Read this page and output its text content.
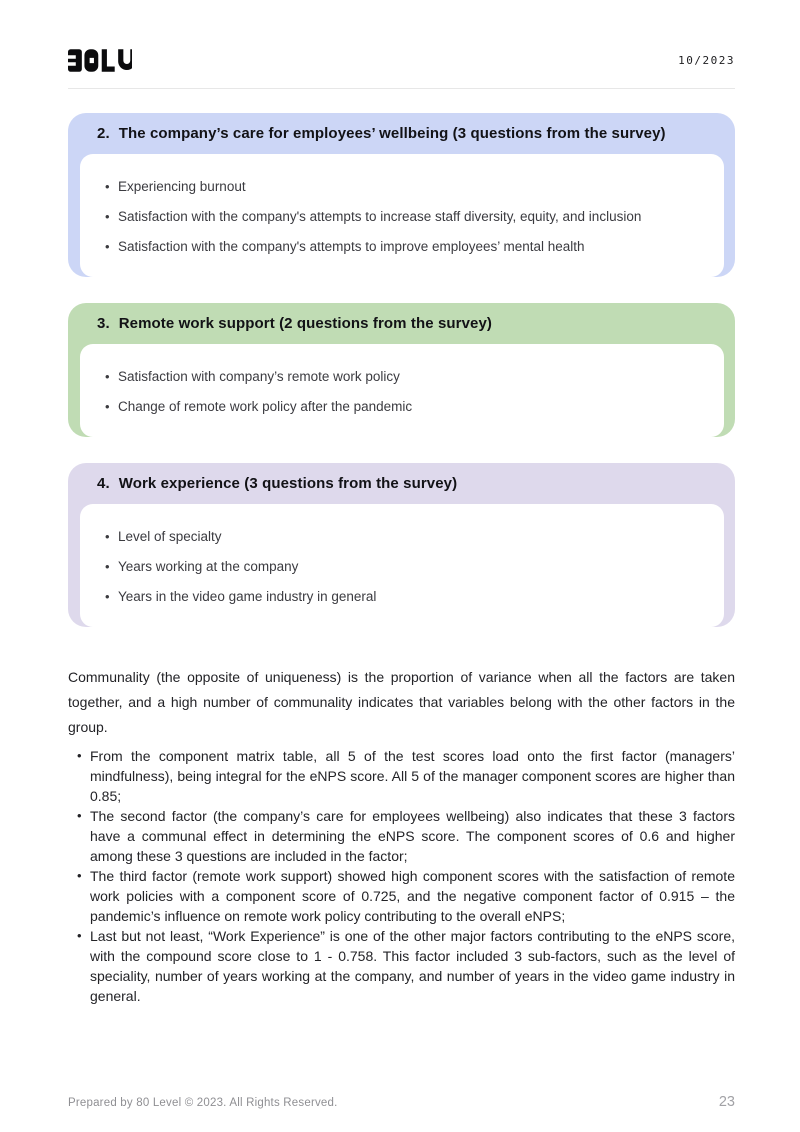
10/2023
2. The company’s care for employees’ wellbeing (3 questions from the survey)
• Experiencing burnout
• Satisfaction with the company's attempts to increase staff diversity, equity, and inclusion
• Satisfaction with the company's attempts to improve employees’ mental health
3. Remote work support (2 questions from the survey)
• Satisfaction with company’s remote work policy
• Change of remote work policy after the pandemic
4. Work experience (3 questions from the survey)
• Level of specialty
• Years working at the company
• Years in the video game industry in general

Communality (the opposite of uniqueness) is the proportion of variance when all the factors are taken together, and a high number of communality indicates that variables belong with the other factors in the group.

• From the component matrix table, all 5 of the test scores load onto the first factor (managers’ mindfulness), being integral for the eNPS score. All 5 of the manager component scores are higher than 0.85;
• The second factor (the company’s care for employees wellbeing) also indicates that these 3 factors have a communal effect in determining the eNPS score. The component scores of 0.6 and higher among these 3 questions are included in the factor;
• The third factor (remote work support) showed high component scores with the satisfaction of remote work policies with a component score of 0.725, and the negative component factor of 0.915 – the pandemic’s influence on remote work policy contributing to the overall eNPS;
• Last but not least, “Work Experience” is one of the other major factors contributing to the eNPS score, with the compound score close to 1 - 0.758. This factor included 3 sub-factors, such as the level of speciality, number of years working at the company, and number of years in the video game industry in general.
Prepared by 80 Level © 2023. All Rights Reserved.	23
